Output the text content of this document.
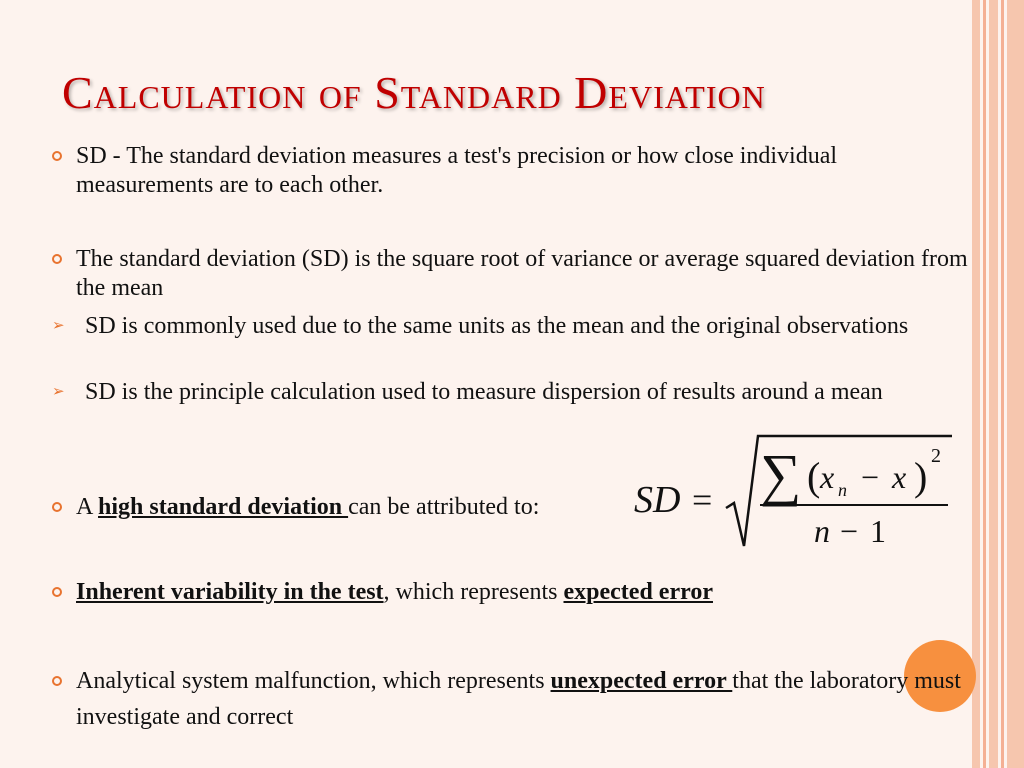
Calculation of Standard Deviation
SD - The standard deviation measures a test's precision or how close individual measurements are to each other.
The standard deviation (SD) is the square root of variance or average squared deviation from the mean
➢ SD is commonly used due to the same units as the mean and the original observations
➢ SD is the principle calculation used to measure dispersion of results around a mean
A high standard deviation can be attributed to:	SD = ∑ ( x n − x ) 2
n − 1
Inherent variability in the test, which represents expected error
Analytical system malfunction, which represents unexpected error that the laboratory must investigate and correct
